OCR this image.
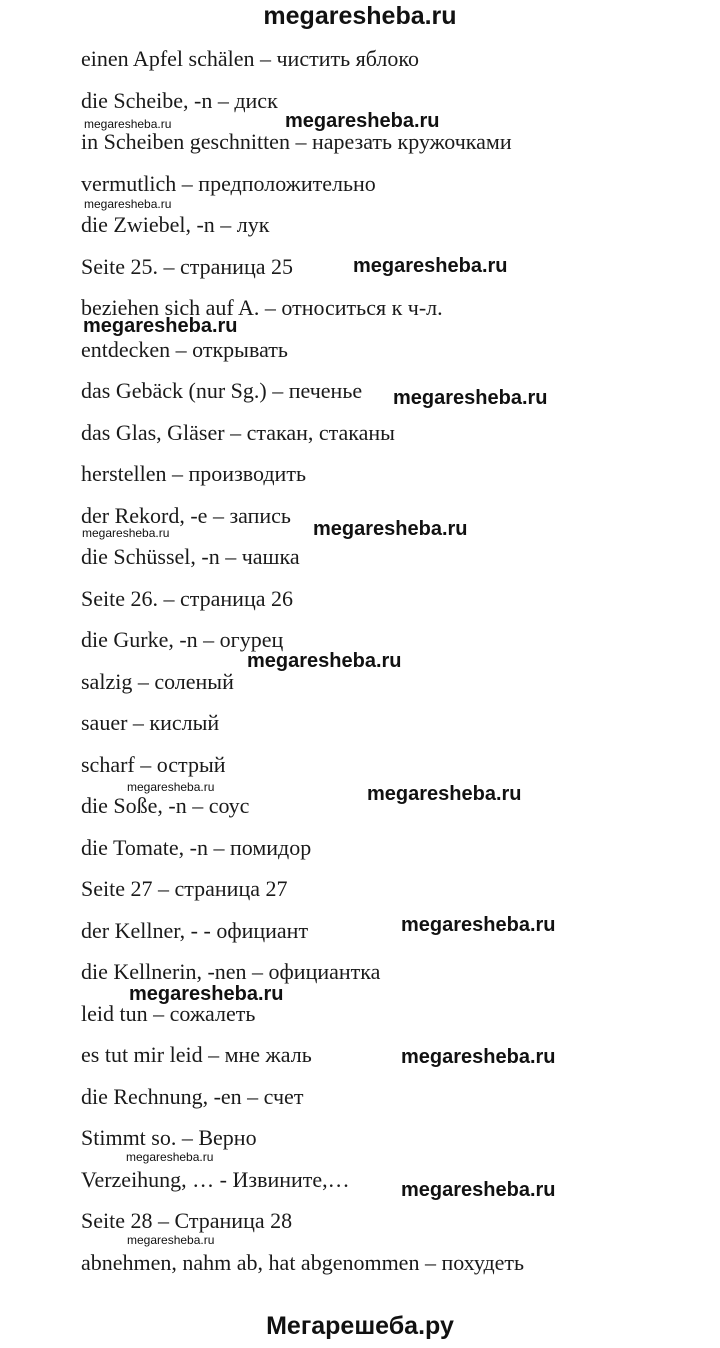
megaresheba.ru
einen Apfel schälen – чистить яблоко
die Scheibe, -n – диск
in Scheiben geschnitten – нарезать кружочками
vermutlich – предположительно
die Zwiebel, -n – лук
Seite 25. – страница 25
beziehen sich auf A. – относиться к ч-л.
entdecken – открывать
das Gebäck (nur Sg.) – печенье
das Glas, Gläser – стакан, стаканы
herstellen – производить
der Rekord, -e – запись
die Schüssel, -n – чашка
Seite 26. – страница 26
die Gurke, -n – огурец
salzig – соленый
sauer – кислый
scharf – острый
die Soße, -n – соус
die Tomate, -n – помидор
Seite 27 – страница 27
der Kellner, - - официант
die Kellnerin, -nen – официантка
leid tun – сожалеть
es tut mir leid – мне жаль
die Rechnung, -en – счет
Stimmt so. – Верно
Verzeihung, … - Извините,…
Seite 28 – Страница 28
abnehmen, nahm ab, hat abgenommen – похудеть
megaresheba.ru
megaresheba.ru
megaresheba.ru
megaresheba.ru
megaresheba.ru
megaresheba.ru
megaresheba.ru
megaresheba.ru
megaresheba.ru
megaresheba.ru
megaresheba.ru
megaresheba.ru
megaresheba.ru
megaresheba.ru
megaresheba.ru
megaresheba.ru
megaresheba.ru
Мегарешеба.ру
